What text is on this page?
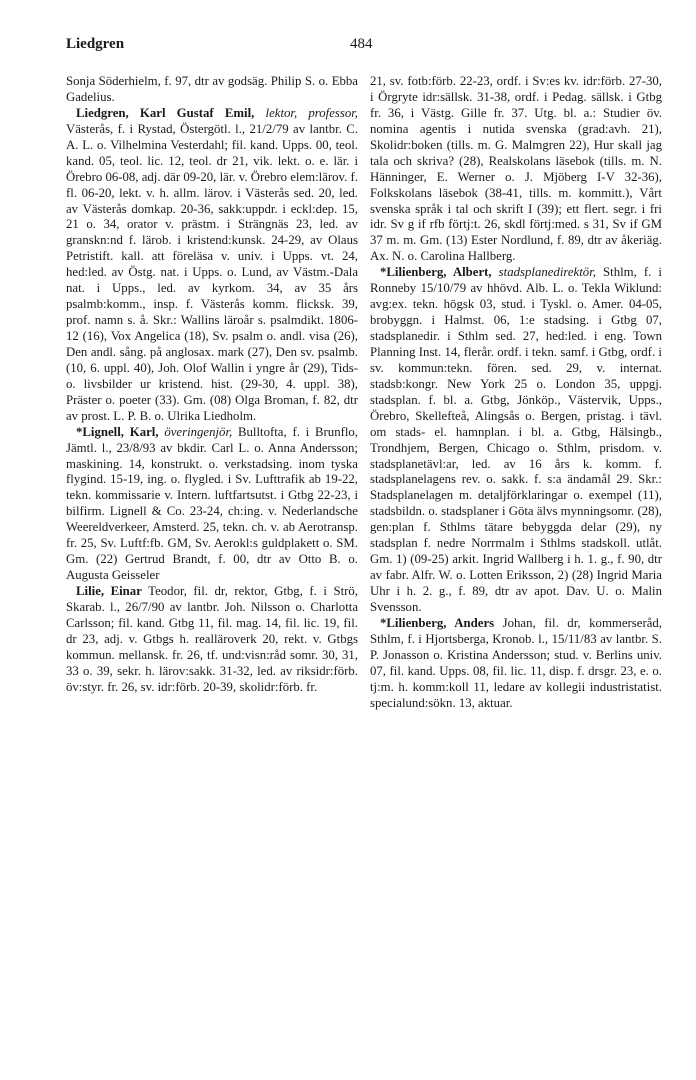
Liedgren	484

Sonja Söderhielm, f. 97, dtr av godsäg. Philip S. o. Ebba Gadelius.

Liedgren, Karl Gustaf Emil, lektor, professor, Västerås, f. i Rystad, Östergötl. l., 21/2/79 av lantbr. C. A. L. o. Vilhelmina Vesterdahl; fil. kand. Upps. 00, teol. kand. 05, teol. lic. 12, teol. dr 21, vik. lekt. o. e. lär. i Örebro 06-08, adj. där 09-20, lär. v. Örebro elem:lärov. f. fl. 06-20, lekt. v. h. allm. lärov. i Västerås sed. 20, led. av Västerås domkap. 20-36, sakk:uppdr. i eckl:dep. 15, 21 o. 34, orator v. prästm. i Strängnäs 23, led. av granskn:nd f. lärob. i kristend:kunsk. 24-29, av Olaus Petristift. kall. att föreläsa v. univ. i Upps. vt. 24, hed:led. av Östg. nat. i Upps. o. Lund, av Västm.-Dala nat. i Upps., led. av kyrkom. 34, av 35 års psalmb:komm., insp. f. Västerås komm. flicksk. 39, prof. namn s. å. Skr.: Wallins läroår s. psalmdikt. 1806-12 (16), Vox Angelica (18), Sv. psalm o. andl. visa (26), Den andl. sång. på anglosax. mark (27), Den sv. psalmb. (10, 6. uppl. 40), Joh. Olof Wallin i yngre år (29), Tids- o. livsbilder ur kristend. hist. (29-30, 4. uppl. 38), Präster o. poeter (33). Gm. (08) Olga Broman, f. 82, dtr av prost. L. P. B. o. Ulrika Liedholm.

*Lignell, Karl, överingenjör, Bulltofta, f. i Brunflo, Jämtl. l., 23/8/93 av bkdir. Carl L. o. Anna Andersson; maskining. 14, konstrukt. o. verkstadsing. inom tyska flygind. 15-19, ing. o. flygled. i Sv. Lufttrafik ab 19-22, tekn. kommissarie v. Intern. luftfartsutst. i Gtbg 22-23, i bilfirm. Lignell & Co. 23-24, ch:ing. v. Nederlandsche Weereldverkeer, Amsterd. 25, tekn. ch. v. ab Aerotransp. fr. 25, Sv. Luftf:fb. GM, Sv. Aerokl:s guldplakett o. SM. Gm. (22) Gertrud Brandt, f. 00, dtr av Otto B. o. Augusta Geisseler

Lilie, Einar Teodor, fil. dr, rektor, Gtbg, f. i Strö, Skarab. l., 26/7/90 av lantbr. Joh. Nilsson o. Charlotta Carlsson; fil. kand. Gtbg 11, fil. mag. 14, fil. lic. 19, fil. dr 23, adj. v. Gtbgs h. realläroverk 20, rekt. v. Gtbgs kommun. mellansk. fr. 26, tf. und:visn:råd somr. 30, 31, 33 o. 39, sekr. h. lärov:sakk. 31-32, led. av riksidr:förb. öv:styr. fr. 26, sv. idr:förb. 20-39, skolidr:förb. fr.

21, sv. fotb:förb. 22-23, ordf. i Sv:es kv. idr:förb. 27-30, i Örgryte idr:sällsk. 31-38, ordf. i Pedag. sällsk. i Gtbg fr. 36, i Västg. Gille fr. 37. Utg. bl. a.: Studier öv. nomina agentis i nutida svenska (grad:avh. 21), Skolidr:boken (tills. m. G. Malmgren 22), Hur skall jag tala och skriva? (28), Realskolans läsebok (tills. m. N. Hänninger, E. Werner o. J. Mjöberg I-V 32-36), Folkskolans läsebok (38-41, tills. m. kommitt.), Vårt svenska språk i tal och skrift I (39); ett flert. segr. i fri idr. Sv g if rfb förtj:t. 26, skdl förtj:med. s 31, Sv if GM 37 m. m. Gm. (13) Ester Nordlund, f. 89, dtr av åkeriäg. Ax. N. o. Carolina Hallberg.

*Lilienberg, Albert, stadsplanedirektör, Sthlm, f. i Ronneby 15/10/79 av hhövd. Alb. L. o. Tekla Wiklund: avg:ex. tekn. högsk 03, stud. i Tyskl. o. Amer. 04-05, brobyggn. i Halmst. 06, 1:e stadsing. i Gtbg 07, stadsplanedir. i Sthlm sed. 27, hed:led. i eng. Town Planning Inst. 14, flerår. ordf. i tekn. samf. i Gtbg, ordf. i sv. kommun:tekn. fören. sed. 29, v. internat. stadsb:kongr. New York 25 o. London 35, uppgj. stadsplan. f. bl. a. Gtbg, Jönköp., Västervik, Upps., Örebro, Skellefteå, Alingsås o. Bergen, pristag. i tävl. om stads- el. hamnplan. i bl. a. Gtbg, Hälsingb., Trondhjem, Bergen, Chicago o. Sthlm, prisdom. v. stadsplanetävl:ar, led. av 16 års k. komm. f. stadsplanelagens rev. o. sakk. f. s:a ändamål 29. Skr.: Stadsplanelagen m. detaljförklaringar o. exempel (11), stadsbildn. o. stadsplaner i Göta älvs mynningsomr. (28), gen:plan f. Sthlms tätare bebyggda delar (29), ny stadsplan f. nedre Norrmalm i Sthlms stadskoll. utlåt. Gm. 1) (09-25) arkit. Ingrid Wallberg i h. 1. g., f. 90, dtr av fabr. Alfr. W. o. Lotten Eriksson, 2) (28) Ingrid Maria Uhr i h. 2. g., f. 89, dtr av apot. Dav. U. o. Malin Svensson.

*Lilienberg, Anders Johan, fil. dr, kommerseråd, Sthlm, f. i Hjortsberga, Kronob. l., 15/11/83 av lantbr. S. P. Jonasson o. Kristina Andersson; stud. v. Berlins univ. 07, fil. kand. Upps. 08, fil. lic. 11, disp. f. drsgr. 23, e. o. tj:m. h. komm:koll 11, ledare av kollegii industristatist. specialund:sökn. 13, aktuar.
